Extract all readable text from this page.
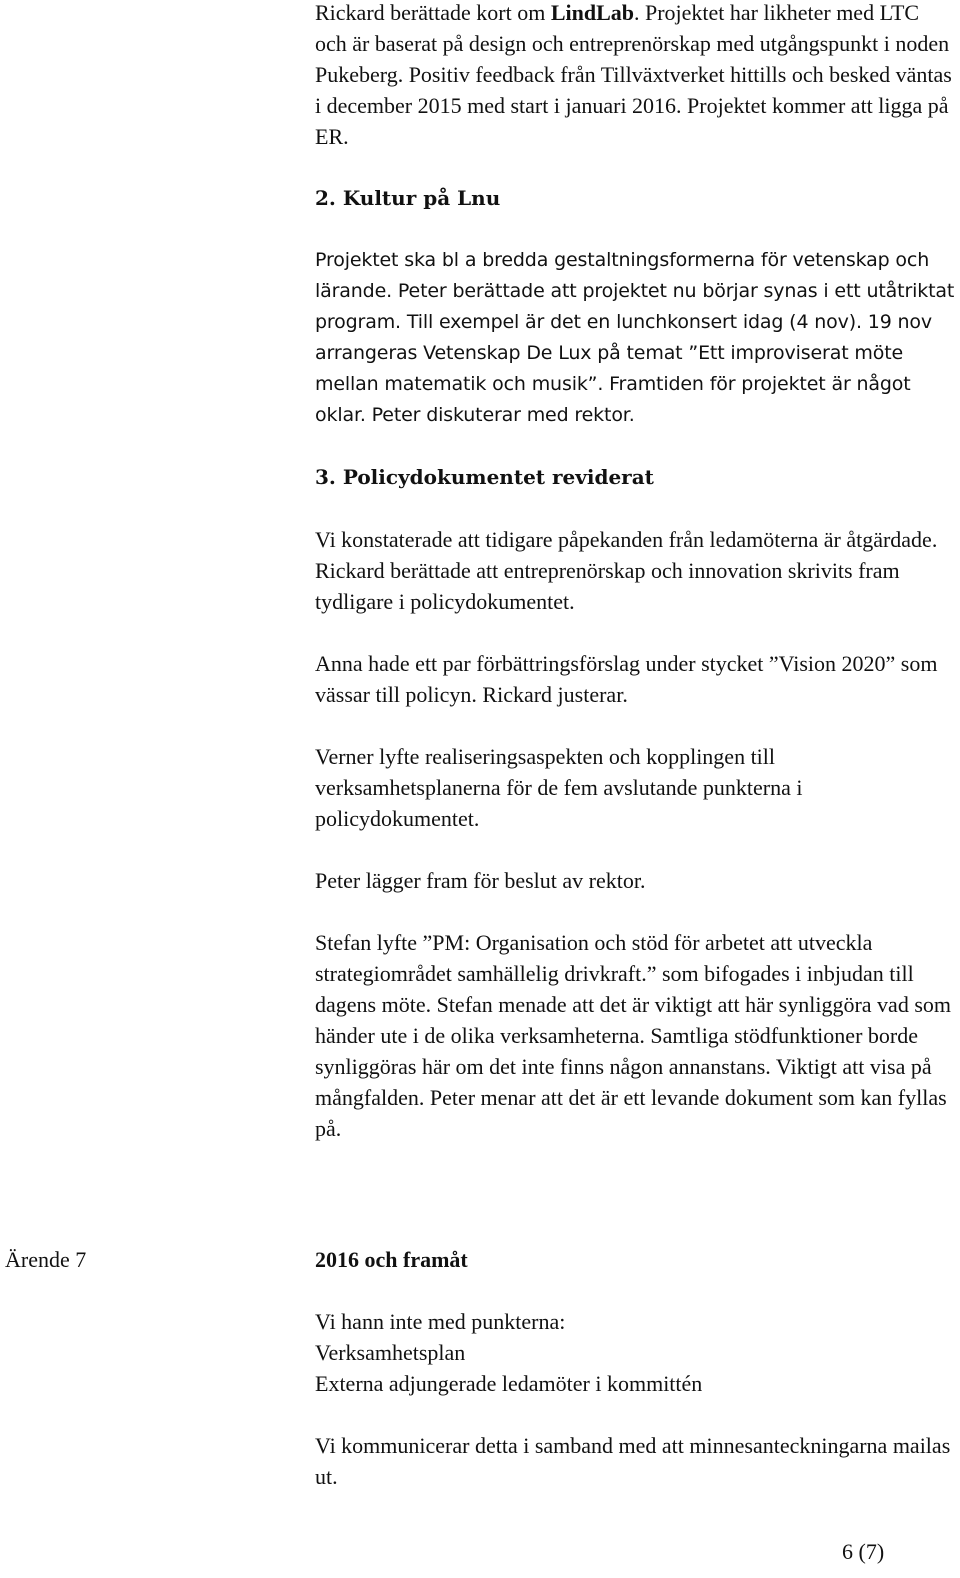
Rickard berättade kort om LindLab. Projektet har likheter med LTC och är baserat på design och entreprenörskap med utgångspunkt i noden Pukeberg. Positiv feedback från Tillväxtverket hittills och besked väntas i december 2015 med start i januari 2016. Projektet kommer att ligga på ER.

2. Kultur på Lnu

Projektet ska bl a bredda gestaltningsformerna för vetenskap och lärande. Peter berättade att projektet nu börjar synas i ett utåtriktat program. Till exempel är det en lunchkonsert idag (4 nov). 19 nov arrangeras Vetenskap De Lux på temat ”Ett improviserat möte mellan matematik och musik”. Framtiden för projektet är något oklar. Peter diskuterar med rektor.

3. Policydokumentet reviderat

Vi konstaterade att tidigare påpekanden från ledamöterna är åtgärdade. Rickard berättade att entreprenörskap och innovation skrivits fram tydligare i policydokumentet.

Anna hade ett par förbättringsförslag under stycket ”Vision 2020” som vässar till policyn. Rickard justerar.

Verner lyfte realiseringsaspekten och kopplingen till verksamhetsplanerna för de fem avslutande punkterna i policydokumentet.

Peter lägger fram för beslut av rektor.

Stefan lyfte ”PM: Organisation och stöd för arbetet att utveckla strategiområdet samhällelig drivkraft.” som bifogades i inbjudan till dagens möte. Stefan menade att det är viktigt att här synliggöra vad som händer ute i de olika verksamheterna. Samtliga stödfunktioner borde synliggöras här om det inte finns någon annanstans. Viktigt att visa på mångfalden. Peter menar att det är ett levande dokument som kan fyllas på.

Ärende 7	2016 och framåt

Vi hann inte med punkterna:

Verksamhetsplan

Externa adjungerade ledamöter i kommittén

Vi kommunicerar detta i samband med att minnesanteckningarna mailas ut.

6 (7)
